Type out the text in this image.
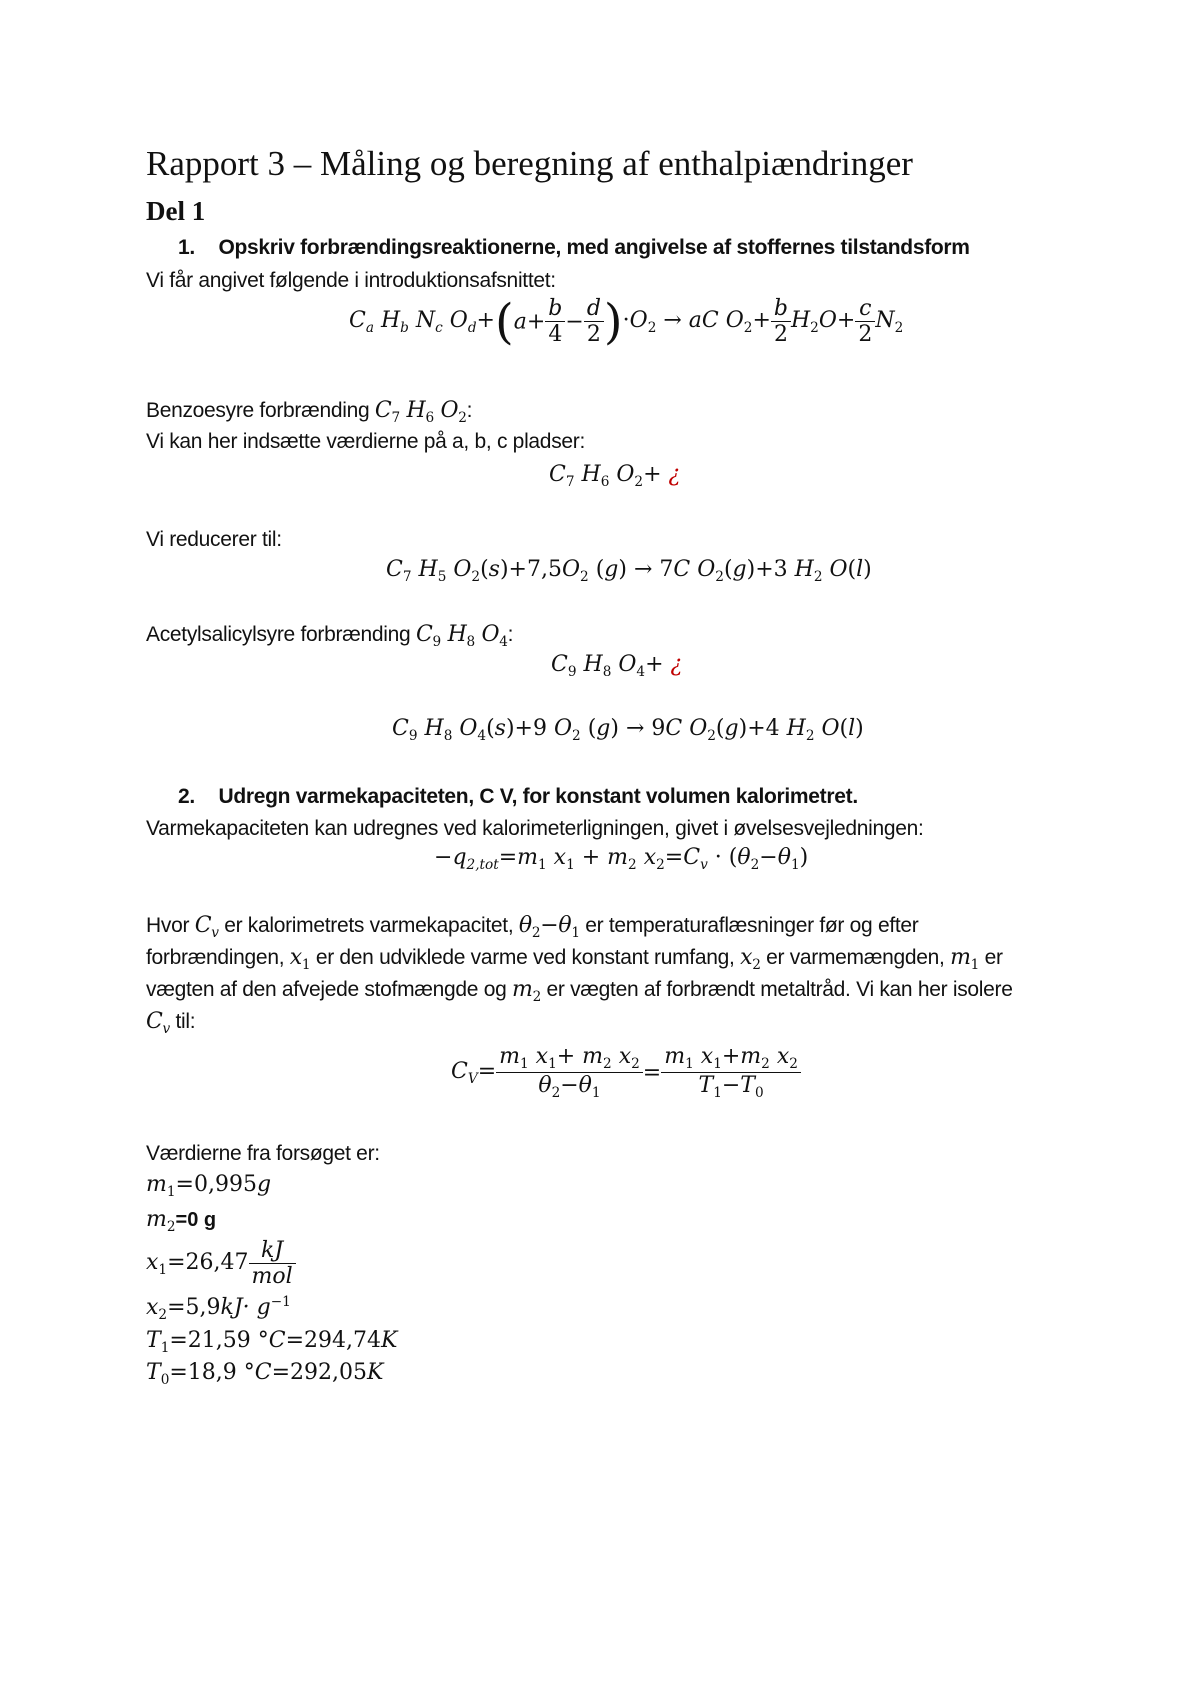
Rapport 3 – Måling og beregning af enthalpiændringer
Del 1
1. Opskriv forbrændingsreaktionerne, med angivelse af stoffernes tilstandsform
Vi får angivet følgende i introduktionsafsnittet:
$C_a$ $H_b$ $N_c$ $O_d+(a+ \frac{b}{4} - \frac{d}{2} )\cdot O_2$ → aC $O_2+ \frac{b}{2} H_2O+ \frac{c}{2} N_2$
Benzoesyre forbrænding $C_7$ $H_6$ $O_2$:
Vi kan her indsætte værdierne på a, b, c pladser:
$C_7$ $H_6$ $O_2+$ ¿
Vi reducerer til:
$C_7$ $H_5$ $O_2(s)+7,5O_2$ (g) → 7C $O_2(g)+3$ $H_2$ O(l)
Acetylsalicylsyre forbrænding $C_9$ $H_8$ $O_4$:
$C_9$ $H_8$ $O_4+$ ¿
$C_9$ $H_8$ $O_4(s)+9$ $O_2$ (g) → 9C $O_2(g)+4$ $H_2$ O(l)
2. Udregn varmekapaciteten, C V, for konstant volumen kalorimetret.
Varmekapaciteten kan udregnes ved kalorimeterligningen, givet i øvelsesvejledningen:
$-q_{2,tot}=m_1$ $x_1 + m_2$ $x_2=C_v \cdot (\theta_2-\theta_1)$
Hvor $C_v$ er kalorimetrets varmekapacitet, $\theta_2-\theta_1$ er temperaturaflæsninger før og efter
forbrændingen, $x_1$ er den udviklede varme ved konstant rumfang, $x_2$ er varmemængden, $m_1$ er
vægten af den afvejede stofmængde og $m_2$ er vægten af forbrændt metaltråd. Vi kan her isolere
$C_v$ til:
$C_V= \frac{m_1 x_1+ m_2 x_2}{\theta_2-\theta_1} = \frac{m_1 x_1+m_2 x_2}{T_1-T_0}$
Værdierne fra forsøget er:
$m_1=0,995g$
$m_2=0$ g
$x_1=26,47 \frac{kJ}{\text{mol}}$
$x_2=5,9kJ\cdot g^{-1}$
$T_1=21,59$ °C=294,74K
$T_0=18,9$ °C=292,05K
